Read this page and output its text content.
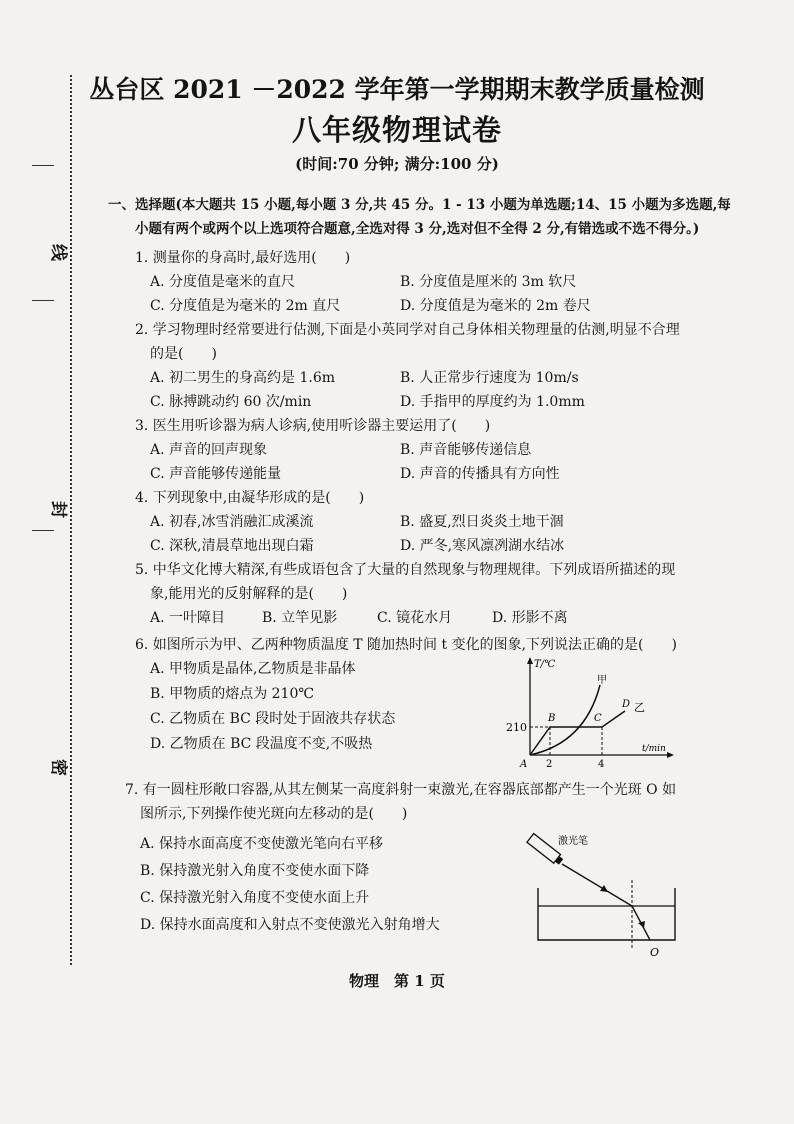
线
封
密
丛台区 2021 －2022 学年第一学期期末教学质量检测
八年级物理试卷
(时间:70 分钟; 满分:100 分)
一、选择题(本大题共 15 小题,每小题 3 分,共 45 分。1 - 13 小题为单选题;14、15 小题为多选题,每
小题有两个或两个以上选项符合题意,全选对得 3 分,选对但不全得 2 分,有错选或不选不得分。)
1. 测量你的身高时,最好选用(　　)
A. 分度值是毫米的直尺	B. 分度值是厘米的 3m 软尺
C. 分度值是为毫米的 2m 直尺	D. 分度值是为毫米的 2m 卷尺
2. 学习物理时经常要进行估测,下面是小英同学对自己身体相关物理量的估测,明显不合理
的是(　　)
A. 初二男生的身高约是 1.6m	B. 人正常步行速度为 10m/s
C. 脉搏跳动约 60 次/min	D. 手指甲的厚度约为 1.0mm
3. 医生用听诊器为病人诊病,使用听诊器主要运用了(　　)
A. 声音的回声现象	B. 声音能够传递信息
C. 声音能够传递能量	D. 声音的传播具有方向性
4. 下列现象中,由凝华形成的是(　　)
A. 初春,冰雪消融汇成溪流	B. 盛夏,烈日炎炎土地干涸
C. 深秋,清晨草地出现白霜	D. 严冬,寒风凛冽湖水结冰
5. 中华文化博大精深,有些成语包含了大量的自然现象与物理规律。下列成语所描述的现
象,能用光的反射解释的是(　　)
A. 一叶障目	B. 立竿见影	C. 镜花水月	D. 形影不离
6. 如图所示为甲、乙两种物质温度 T 随加热时间 t 变化的图象,下列说法正确的是(　　)
A. 甲物质是晶体,乙物质是非晶体
B. 甲物质的熔点为 210℃
C. 乙物质在 BC 段时处于固液共存状态
D. 乙物质在 BC 段温度不变,不吸热
T/℃
t/min
210
2	4
A
B	C
D
甲
乙
7. 有一圆柱形敞口容器,从其左侧某一高度斜射一束激光,在容器底部都产生一个光斑 O 如
图所示,下列操作使光斑向左移动的是(　　)
A. 保持水面高度不变使激光笔向右平移
B. 保持激光射入角度不变使水面下降
C. 保持激光射入角度不变使水面上升
D. 保持水面高度和入射点不变使激光入射角增大
激光笔
O
物理　第 1 页
